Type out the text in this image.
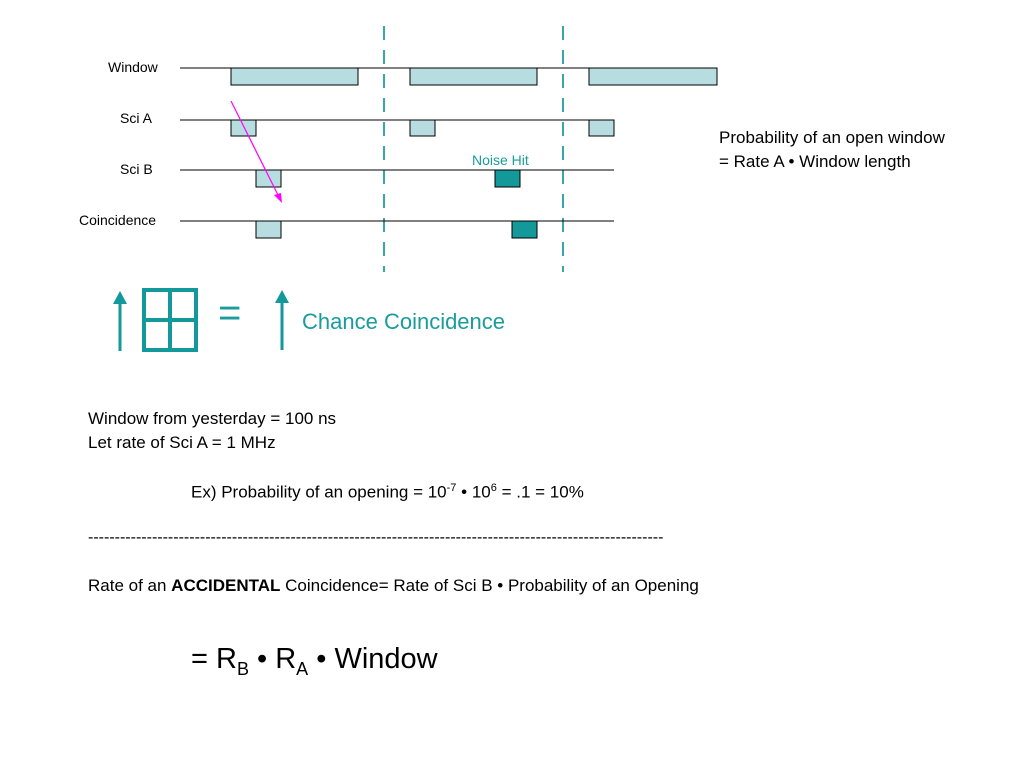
Window
Sci A
Sci B
Coincidence
Noise Hit
Probability of an open window
= Rate A • Window length
=	Chance Coincidence
Window from yesterday = 100 ns
Let rate of Sci A = 1 MHz
Ex) Probability of an opening = $10^{-7}$ • $10^6 = .1 = 10\%$
------------------------------------------------------------------------------------------------------------
Rate of an ACCIDENTAL Coincidence= Rate of Sci B • Probability of an Opening
= $R_B$ • $R_A$ • Window
